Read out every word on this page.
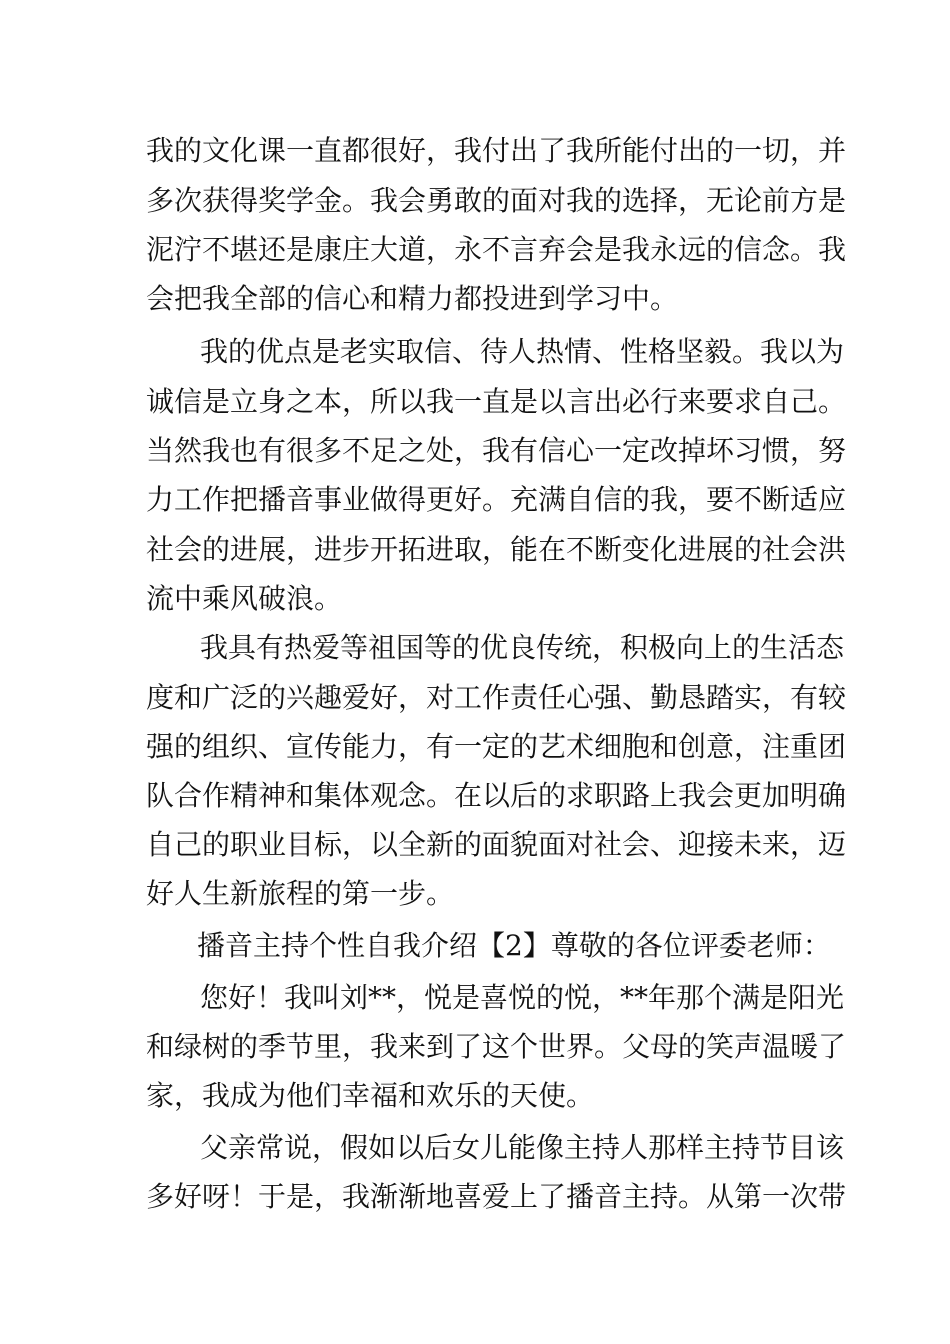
我的文化课一直都很好，我付出了我所能付出的一切，并
多次获得奖学金。我会勇敢的面对我的选择，无论前方是
泥泞不堪还是康庄大道，永不言弃会是我永远的信念。我
会把我全部的信心和精力都投进到学习中。
我的优点是老实取信、待人热情、性格坚毅。我以为
诚信是立身之本，所以我一直是以言出必行来要求自己。
当然我也有很多不足之处，我有信心一定改掉坏习惯，努
力工作把播音事业做得更好。充满自信的我，要不断适应
社会的进展，进步开拓进取，能在不断变化进展的社会洪
流中乘风破浪。
我具有热爱等祖国等的优良传统，积极向上的生活态
度和广泛的兴趣爱好，对工作责任心强、勤恳踏实，有较
强的组织、宣传能力，有一定的艺术细胞和创意，注重团
队合作精神和集体观念。在以后的求职路上我会更加明确
自己的职业目标，以全新的面貌面对社会、迎接未来，迈
好人生新旅程的第一步。
播音主持个性自我介绍【2】尊敬的各位评委老师：
您好！我叫刘**，悦是喜悦的悦，**年那个满是阳光
和绿树的季节里，我来到了这个世界。父母的笑声温暖了
家，我成为他们幸福和欢乐的天使。
父亲常说，假如以后女儿能像主持人那样主持节目该
多好呀！于是，我渐渐地喜爱上了播音主持。从第一次带
